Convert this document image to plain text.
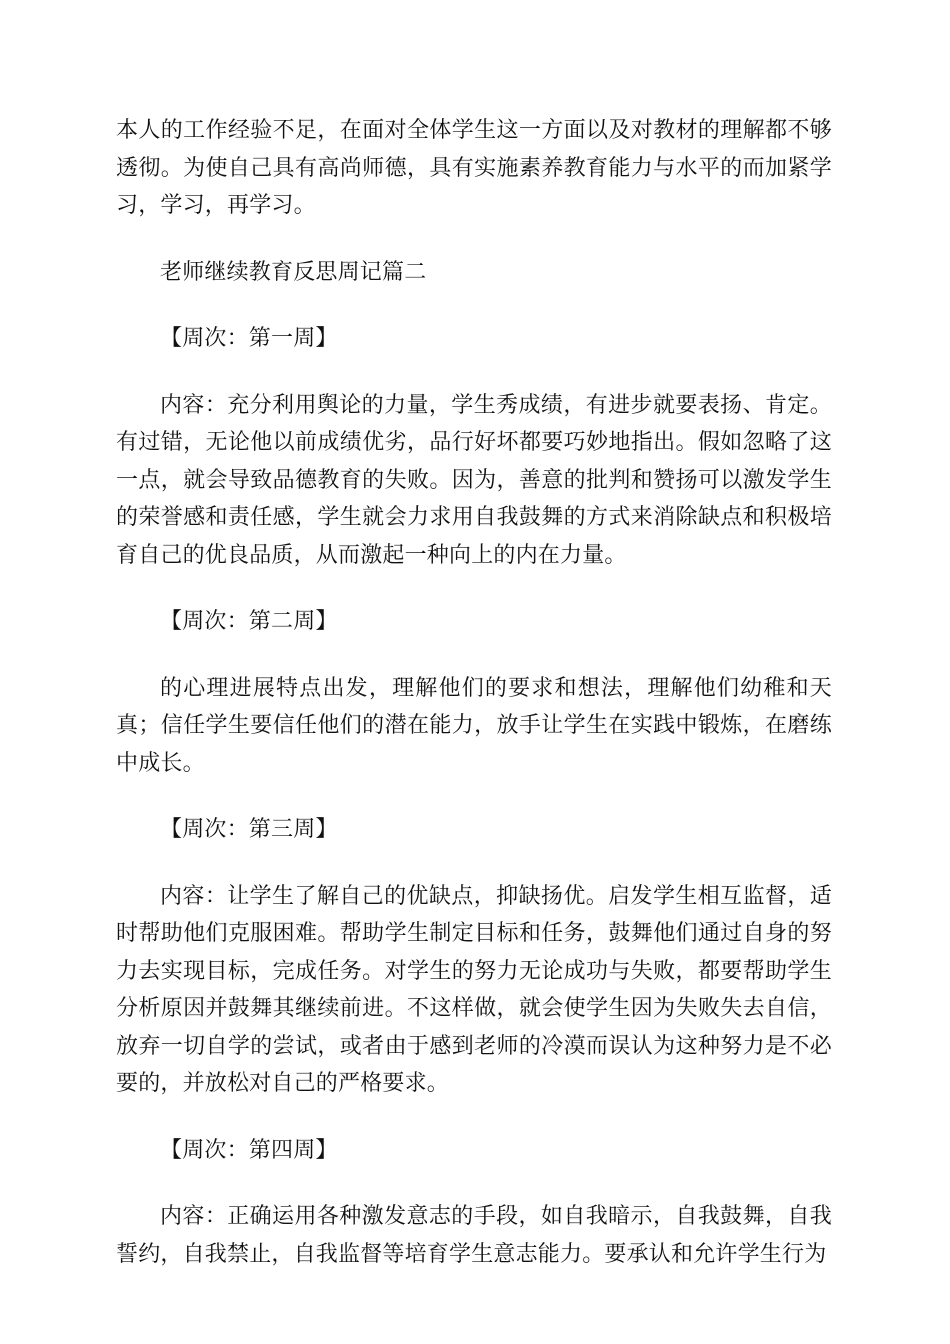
本人的工作经验不足，在面对全体学生这一方面以及对教材的理解都不够透彻。为使自己具有高尚师德，具有实施素养教育能力与水平的而加紧学习，学习，再学习。

老师继续教育反思周记篇二

【周次：第一周】

内容：充分利用舆论的力量，学生秀成绩，有进步就要表扬、肯定。有过错，无论他以前成绩优劣，品行好坏都要巧妙地指出。假如忽略了这一点，就会导致品德教育的失败。因为，善意的批判和赞扬可以激发学生的荣誉感和责任感，学生就会力求用自我鼓舞的方式来消除缺点和积极培育自己的优良品质，从而激起一种向上的内在力量。

【周次：第二周】

的心理进展特点出发，理解他们的要求和想法，理解他们幼稚和天真；信任学生要信任他们的潜在能力，放手让学生在实践中锻炼，在磨练中成长。

【周次：第三周】

内容：让学生了解自己的优缺点，抑缺扬优。启发学生相互监督，适时帮助他们克服困难。帮助学生制定目标和任务，鼓舞他们通过自身的努力去实现目标，完成任务。对学生的努力无论成功与失败，都要帮助学生分析原因并鼓舞其继续前进。不这样做，就会使学生因为失败失去自信，放弃一切自学的尝试，或者由于感到老师的冷漠而误认为这种努力是不必要的，并放松对自己的严格要求。

【周次：第四周】

内容：正确运用各种激发意志的手段，如自我暗示，自我鼓舞，自我誓约，自我禁止，自我监督等培育学生意志能力。要承认和允许学生行为
